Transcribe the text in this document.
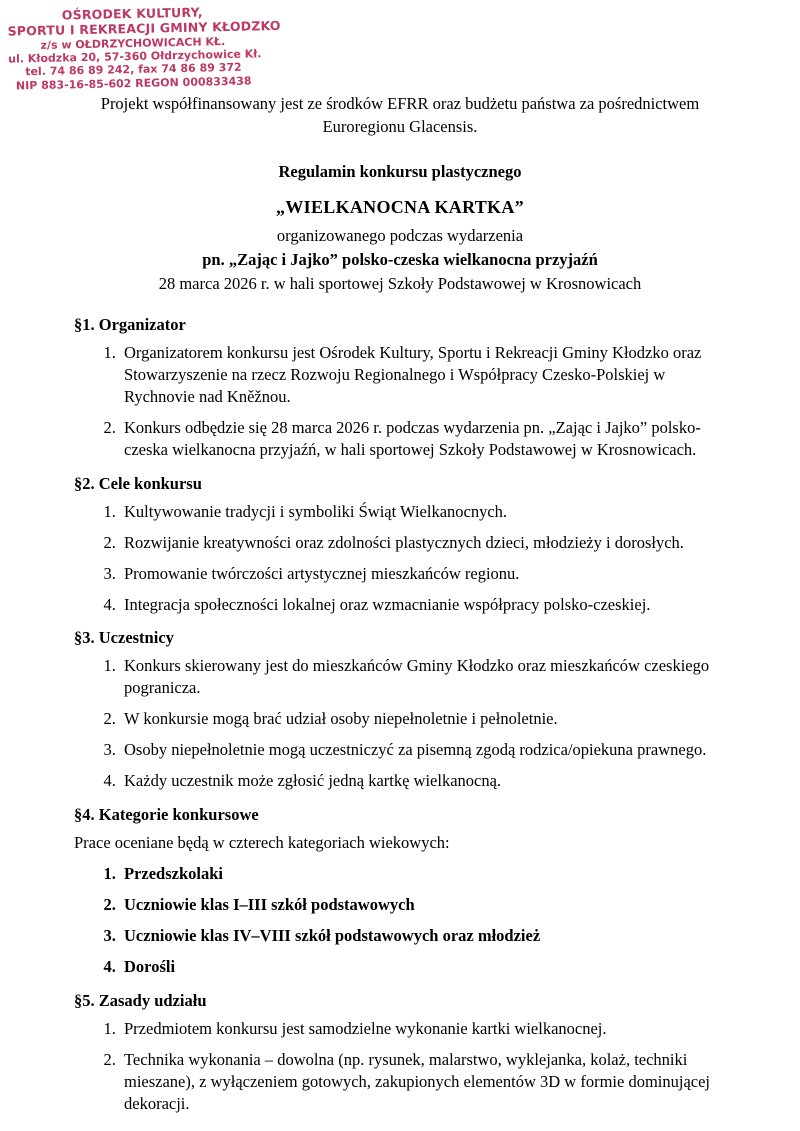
OŚRODEK KULTURY,
SPORTU I REKREACJI GMINY KŁODZKO
z/s w OŁDRZYCHOWICACH KŁ.
ul. Kłodzka 20, 57-360 Ołdrzychowice Kł.
tel. 74 86 89 242, fax 74 86 89 372
NIP 883-16-85-602 REGON 000833438
Projekt współfinansowany jest ze środków EFRR oraz budżetu państwa za pośrednictwem Euroregionu Glacensis.
Regulamin konkursu plastycznego
„WIELKANOCNA KARTKA”
organizowanego podczas wydarzenia
pn. „Zając i Jajko” polsko-czeska wielkanocna przyjaźń
28 marca 2026 r. w hali sportowej Szkoły Podstawowej w Krosnowicach
§1. Organizator
1. Organizatorem konkursu jest Ośrodek Kultury, Sportu i Rekreacji Gminy Kłodzko oraz Stowarzyszenie na rzecz Rozwoju Regionalnego i Współpracy Czesko-Polskiej w Rychnovie nad Kněžnou.
2. Konkurs odbędzie się 28 marca 2026 r. podczas wydarzenia pn. „Zając i Jajko” polsko-czeska wielkanocna przyjaźń, w hali sportowej Szkoły Podstawowej w Krosnowicach.
§2. Cele konkursu
1. Kultywowanie tradycji i symboliki Świąt Wielkanocnych.
2. Rozwijanie kreatywności oraz zdolności plastycznych dzieci, młodzieży i dorosłych.
3. Promowanie twórczości artystycznej mieszkańców regionu.
4. Integracja społeczności lokalnej oraz wzmacnianie współpracy polsko-czeskiej.
§3. Uczestnicy
1. Konkurs skierowany jest do mieszkańców Gminy Kłodzko oraz mieszkańców czeskiego pogranicza.
2. W konkursie mogą brać udział osoby niepełnoletnie i pełnoletnie.
3. Osoby niepełnoletnie mogą uczestniczyć za pisemną zgodą rodzica/opiekuna prawnego.
4. Każdy uczestnik może zgłosić jedną kartkę wielkanocną.
§4. Kategorie konkursowe

Prace oceniane będą w czterech kategoriach wiekowych:

1. Przedszkolaki
2. Uczniowie klas I–III szkół podstawowych
3. Uczniowie klas IV–VIII szkół podstawowych oraz młodzież
4. Dorośli
§5. Zasady udziału
1. Przedmiotem konkursu jest samodzielne wykonanie kartki wielkanocnej.
2. Technika wykonania – dowolna (np. rysunek, malarstwo, wyklejanka, kolaż, techniki mieszane), z wyłączeniem gotowych, zakupionych elementów 3D w formie dominującej dekoracji.
